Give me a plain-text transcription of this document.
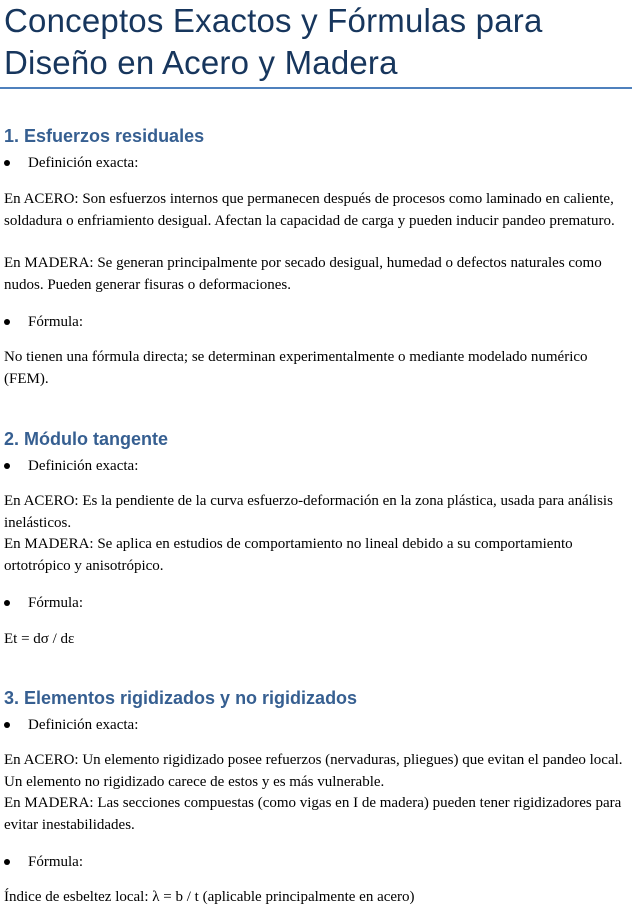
Conceptos Exactos y Fórmulas para
Diseño en Acero y Madera
1. Esfuerzos residuales
Definición exacta:
En ACERO: Son esfuerzos internos que permanecen después de procesos como laminado en caliente, soldadura o enfriamiento desigual. Afectan la capacidad de carga y pueden inducir pandeo prematuro.
En MADERA: Se generan principalmente por secado desigual, humedad o defectos naturales como nudos. Pueden generar fisuras o deformaciones.
Fórmula:
No tienen una fórmula directa; se determinan experimentalmente o mediante modelado numérico (FEM).
2. Módulo tangente
Definición exacta:
En ACERO: Es la pendiente de la curva esfuerzo-deformación en la zona plástica, usada para análisis inelásticos.
En MADERA: Se aplica en estudios de comportamiento no lineal debido a su comportamiento ortotrópico y anisotrópico.
Fórmula:
Et = dσ / dε
3. Elementos rigidizados y no rigidizados
Definición exacta:
En ACERO: Un elemento rigidizado posee refuerzos (nervaduras, pliegues) que evitan el pandeo local. Un elemento no rigidizado carece de estos y es más vulnerable.
En MADERA: Las secciones compuestas (como vigas en I de madera) pueden tener rigidizadores para evitar inestabilidades.
Fórmula:
Índice de esbeltez local: λ = b / t (aplicable principalmente en acero)
